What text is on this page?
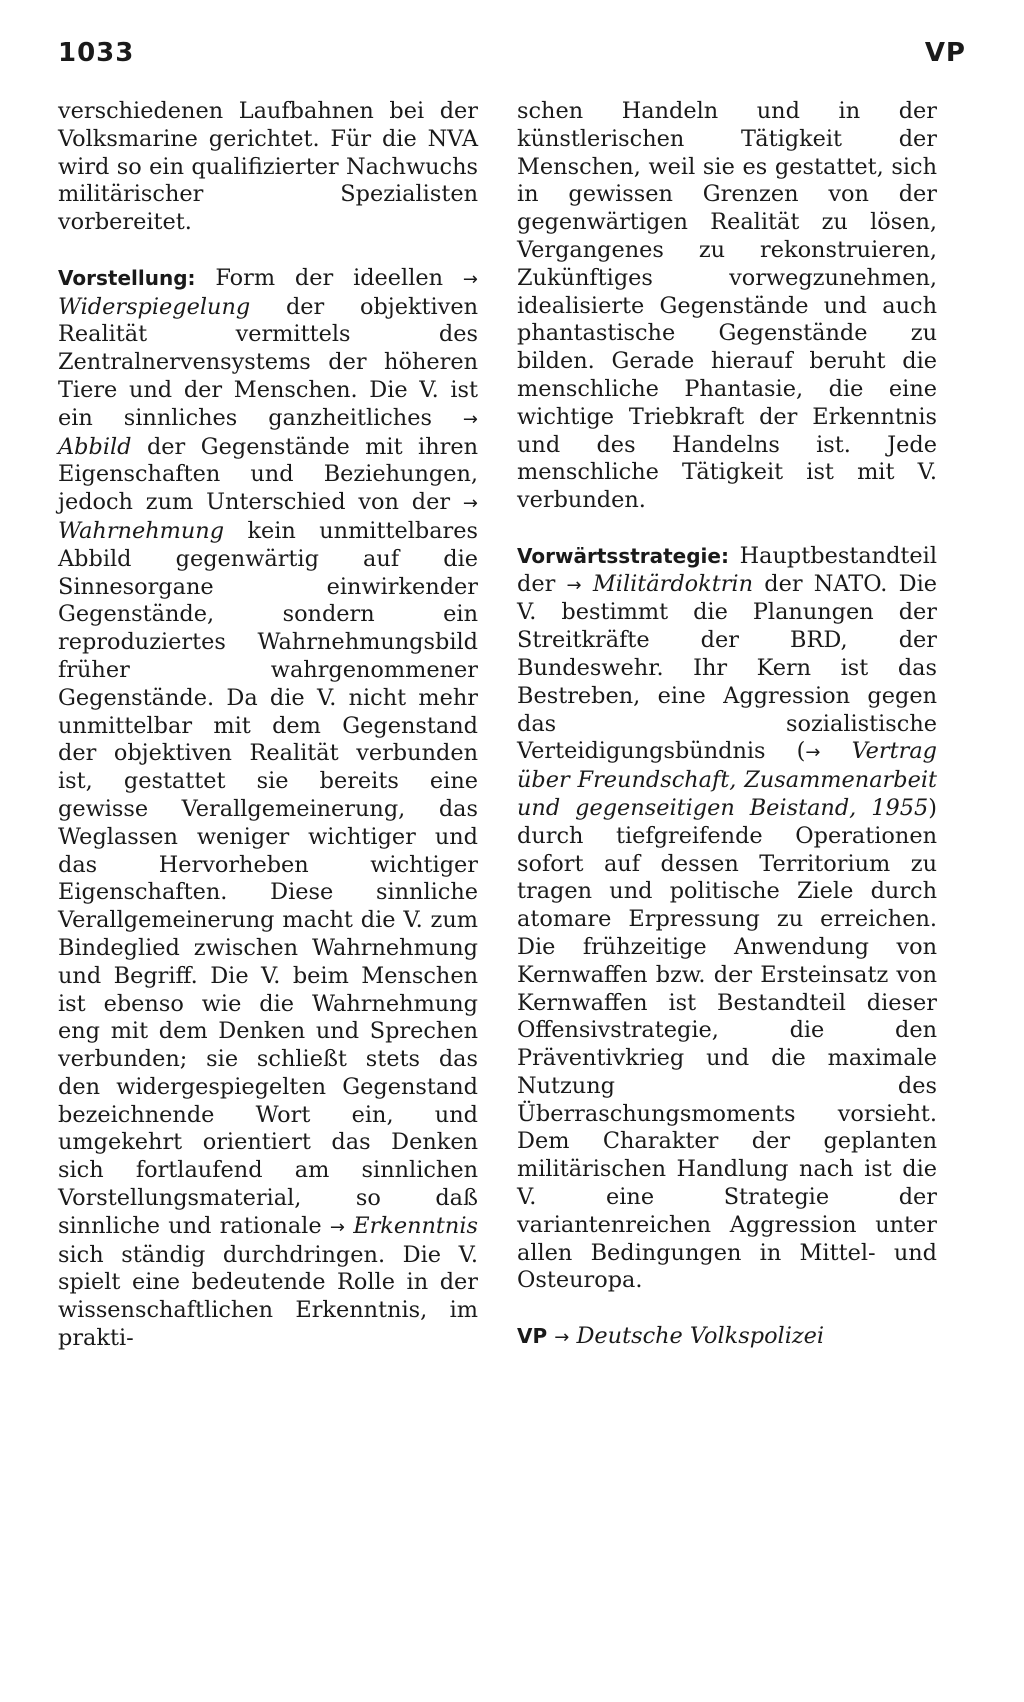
1033	VP

verschiedenen Laufbahnen bei der Volksmarine gerichtet. Für die NVA wird so ein qualifizierter Nachwuchs militärischer Spezialisten vorbereitet.

Vorstellung: Form der ideellen → Widerspiegelung der objektiven Realität vermittels des Zentralnervensystems der höheren Tiere und der Menschen. Die V. ist ein sinnliches ganzheitliches → Abbild der Gegenstände mit ihren Eigenschaften und Beziehungen, jedoch zum Unterschied von der → Wahrnehmung kein unmittelbares Abbild gegenwärtig auf die Sinnesorgane einwirkender Gegenstände, sondern ein reproduziertes Wahrnehmungsbild früher wahrgenommener Gegenstände. Da die V. nicht mehr unmittelbar mit dem Gegenstand der objektiven Realität verbunden ist, gestattet sie bereits eine gewisse Verallgemeinerung, das Weglassen weniger wichtiger und das Hervorheben wichtiger Eigenschaften. Diese sinnliche Verallgemeinerung macht die V. zum Bindeglied zwischen Wahrnehmung und Begriff. Die V. beim Menschen ist ebenso wie die Wahrnehmung eng mit dem Denken und Sprechen verbunden; sie schließt stets das den widergespiegelten Gegenstand bezeichnende Wort ein, und umgekehrt orientiert das Denken sich fortlaufend am sinnlichen Vorstellungsmaterial, so daß sinnliche und rationale → Erkenntnis sich ständig durchdringen. Die V. spielt eine bedeutende Rolle in der wissenschaftlichen Erkenntnis, im prakti-

schen Handeln und in der künstlerischen Tätigkeit der Menschen, weil sie es gestattet, sich in gewissen Grenzen von der gegenwärtigen Realität zu lösen, Vergangenes zu rekonstruieren, Zukünftiges vorwegzunehmen, idealisierte Gegenstände und auch phantastische Gegenstände zu bilden. Gerade hierauf beruht die menschliche Phantasie, die eine wichtige Triebkraft der Erkenntnis und des Handelns ist. Jede menschliche Tätigkeit ist mit V. verbunden.

Vorwärtsstrategie: Hauptbestandteil der → Militärdoktrin der NATO. Die V. bestimmt die Planungen der Streitkräfte der BRD, der Bundeswehr. Ihr Kern ist das Bestreben, eine Aggression gegen das sozialistische Verteidigungsbündnis (→ Vertrag über Freundschaft, Zusammenarbeit und gegenseitigen Beistand, 1955) durch tiefgreifende Operationen sofort auf dessen Territorium zu tragen und politische Ziele durch atomare Erpressung zu erreichen. Die frühzeitige Anwendung von Kernwaffen bzw. der Ersteinsatz von Kernwaffen ist Bestandteil dieser Offensivstrategie, die den Präventivkrieg und die maximale Nutzung des Überraschungsmoments vorsieht. Dem Charakter der geplanten militärischen Handlung nach ist die V. eine Strategie der variantenreichen Aggression unter allen Bedingungen in Mittel- und Osteuropa.

VP → Deutsche Volkspolizei
